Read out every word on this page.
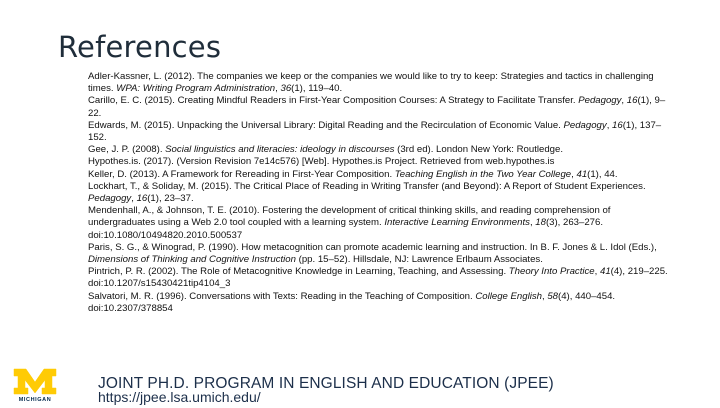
References

Adler-Kassner, L. (2012). The companies we keep or the companies we would like to try to keep: Strategies and tactics in challenging times. WPA: Writing Program Administration, 36(1), 119–40.

Carillo, E. C. (2015). Creating Mindful Readers in First-Year Composition Courses: A Strategy to Facilitate Transfer. Pedagogy, 16(1), 9–22.

Edwards, M. (2015). Unpacking the Universal Library: Digital Reading and the Recirculation of Economic Value. Pedagogy, 16(1), 137–152.

Gee, J. P. (2008). Social linguistics and literacies: ideology in discourses (3rd ed). London New York: Routledge.

Hypothes.is. (2017). (Version Revision 7e14c576) [Web]. Hypothes.is Project. Retrieved from web.hypothes.is

Keller, D. (2013). A Framework for Rereading in First-Year Composition. Teaching English in the Two Year College, 41(1), 44.

Lockhart, T., & Soliday, M. (2015). The Critical Place of Reading in Writing Transfer (and Beyond): A Report of Student Experiences. Pedagogy, 16(1), 23–37.

Mendenhall, A., & Johnson, T. E. (2010). Fostering the development of critical thinking skills, and reading comprehension of undergraduates using a Web 2.0 tool coupled with a learning system. Interactive Learning Environments, 18(3), 263–276. doi:10.1080/10494820.2010.500537

Paris, S. G., & Winograd, P. (1990). How metacognition can promote academic learning and instruction. In B. F. Jones & L. Idol (Eds.), Dimensions of Thinking and Cognitive Instruction (pp. 15–52). Hillsdale, NJ: Lawrence Erlbaum Associates.

Pintrich, P. R. (2002). The Role of Metacognitive Knowledge in Learning, Teaching, and Assessing. Theory Into Practice, 41(4), 219–225. doi:10.1207/s15430421tip4104_3

Salvatori, M. R. (1996). Conversations with Texts: Reading in the Teaching of Composition. College English, 58(4), 440–454. doi:10.2307/378854

MICHIGAN
JOINT PH.D. PROGRAM IN ENGLISH AND EDUCATION (JPEE)
https://jpee.lsa.umich.edu/
